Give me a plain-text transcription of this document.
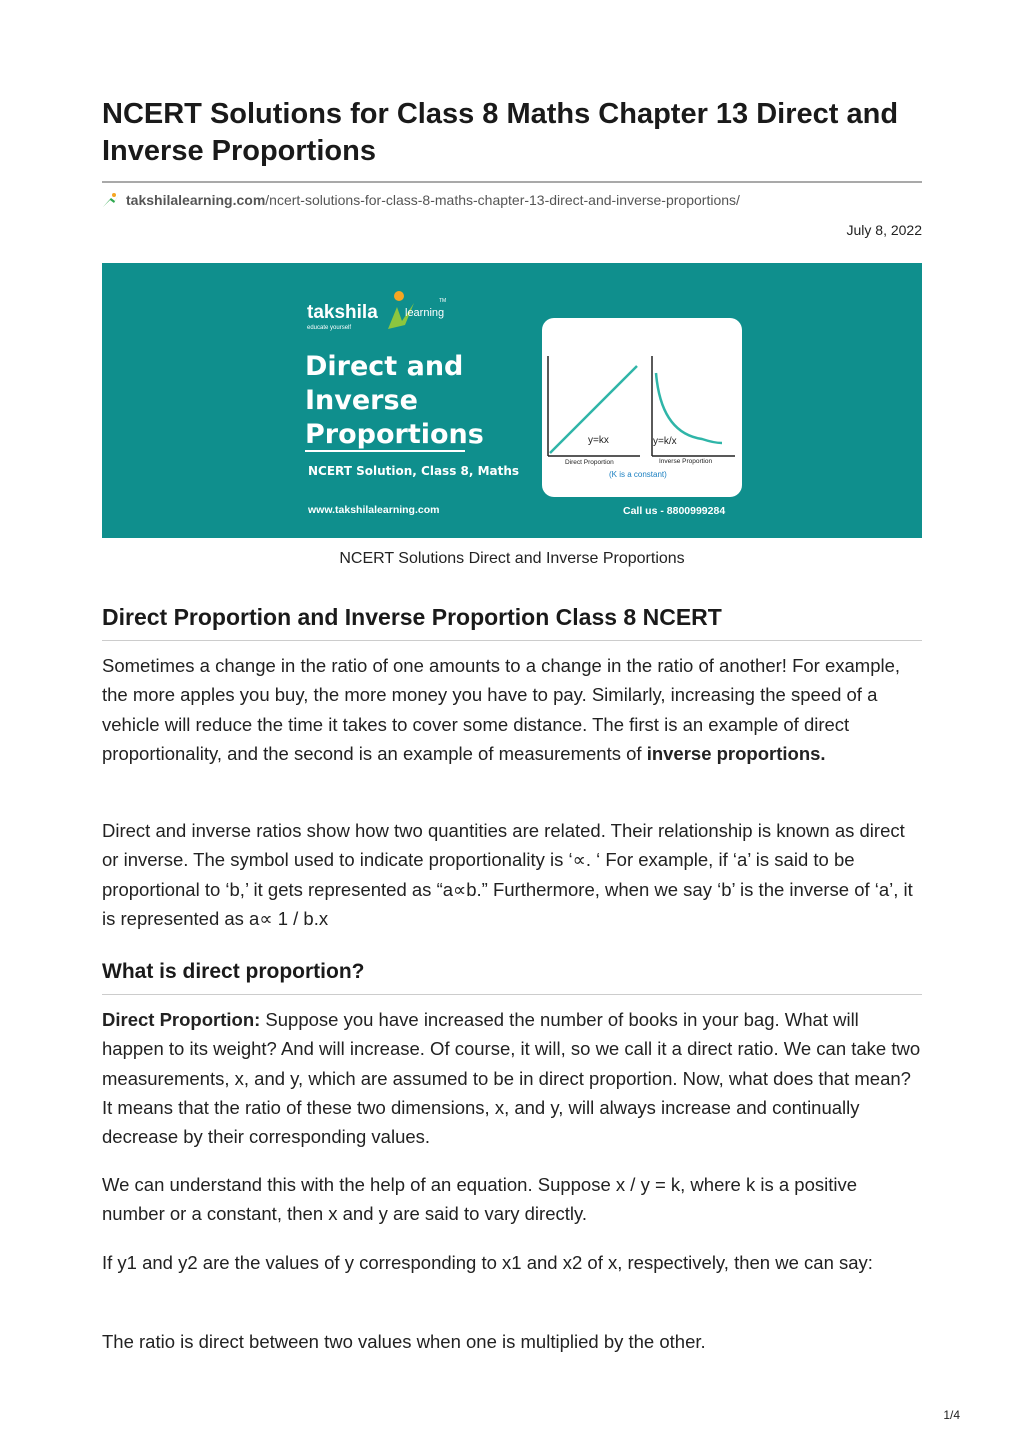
NCERT Solutions for Class 8 Maths Chapter 13 Direct and Inverse Proportions
takshilalearning.com/ncert-solutions-for-class-8-maths-chapter-13-direct-and-inverse-proportions/
July 8, 2022
takshila learning
TM
educate yourself
Direct and
Inverse
Proportions
NCERT Solution, Class 8, Maths
www.takshilalearning.com	Call us - 8800999284
y=kx
Direct Proportion
y=k/x
Inverse Proportion
(K is a constant)
NCERT Solutions Direct and Inverse Proportions
Direct Proportion and Inverse Proportion Class 8 NCERT

Sometimes a change in the ratio of one amounts to a change in the ratio of another! For example, the more apples you buy, the more money you have to pay. Similarly, increasing the speed of a vehicle will reduce the time it takes to cover some distance. The first is an example of direct proportionality, and the second is an example of measurements of inverse proportions.

Direct and inverse ratios show how two quantities are related. Their relationship is known as direct or inverse. The symbol used to indicate proportionality is ‘∝. ‘ For example, if ‘a’ is said to be proportional to ‘b,’ it gets represented as “a∝b.” Furthermore, when we say ‘b’ is the inverse of ‘a’, it is represented as a∝ 1 / b.x

What is direct proportion?

Direct Proportion: Suppose you have increased the number of books in your bag. What will happen to its weight? And will increase. Of course, it will, so we call it a direct ratio. We can take two measurements, x, and y, which are assumed to be in direct proportion. Now, what does that mean? It means that the ratio of these two dimensions, x, and y, will always increase and continually decrease by their corresponding values.

We can understand this with the help of an equation. Suppose x / y = k, where k is a positive number or a constant, then x and y are said to vary directly.

If y1 and y2 are the values of y corresponding to x1 and x2 of x, respectively, then we can say:

The ratio is direct between two values when one is multiplied by the other.

1/4
